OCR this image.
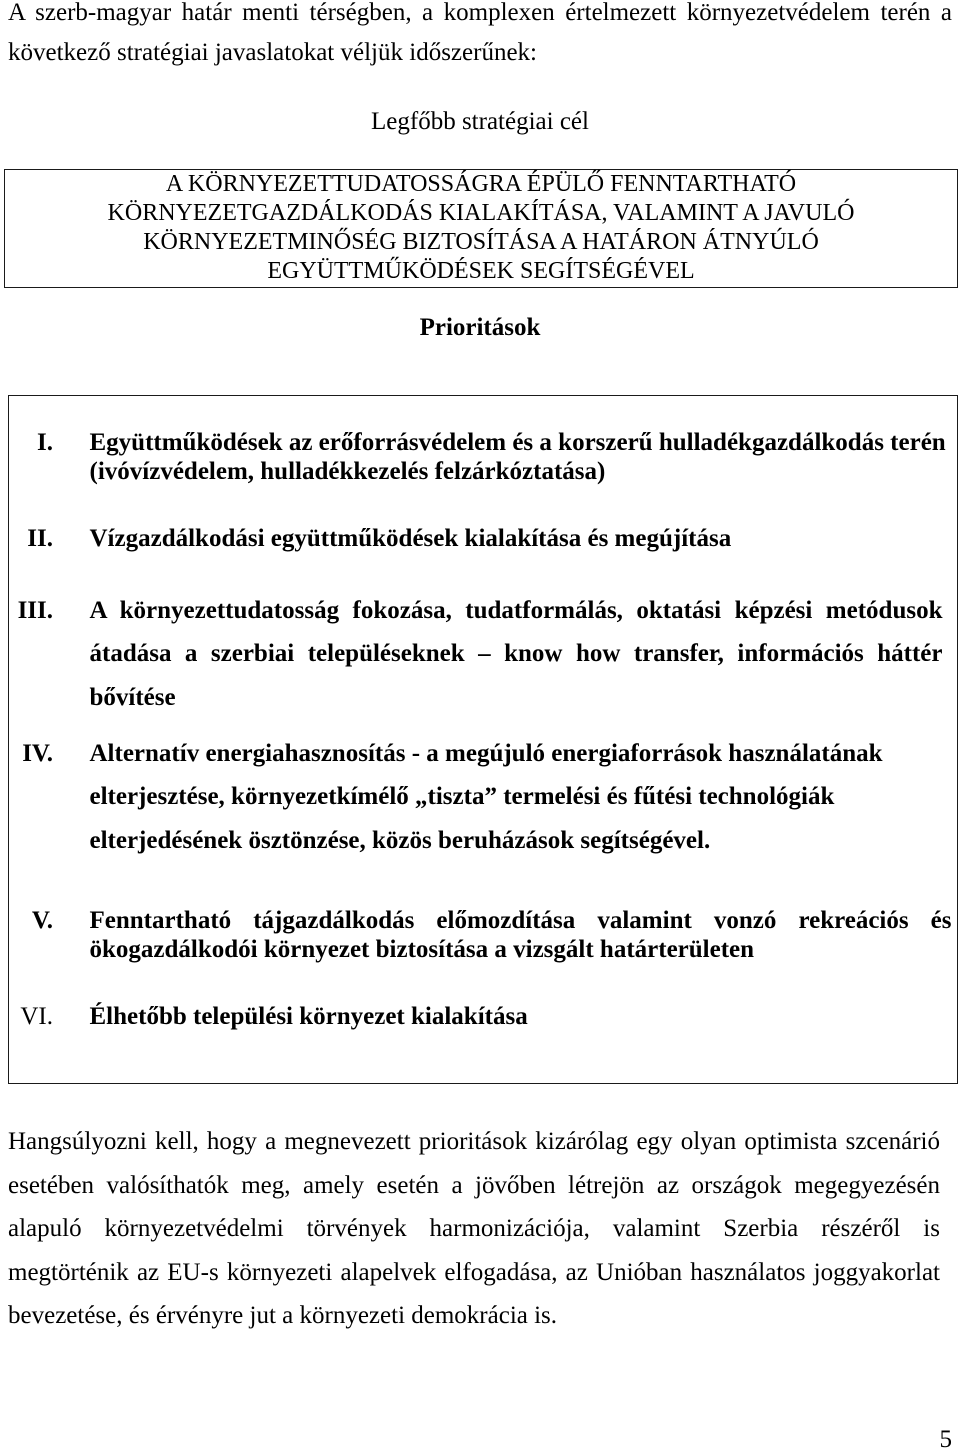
A szerb-magyar határ menti térségben, a komplexen értelmezett környezetvédelem terén a
következő stratégiai javaslatokat véljük időszerűnek:
Legfőbb stratégiai cél
A KÖRNYEZETTUDATOSSÁGRA ÉPÜLŐ FENNTARTHATÓ
KÖRNYEZETGAZDÁLKODÁS KIALAKÍTÁSA, VALAMINT A JAVULÓ
KÖRNYEZETMINŐSÉG BIZTOSÍTÁSA A HATÁRON ÁTNYÚLÓ
EGYÜTTMŰKÖDÉSEK SEGÍTSÉGÉVEL
Prioritások
I. Együttműködések az erőforrásvédelem és a korszerű hulladékgazdálkodás terén
(ivóvízvédelem, hulladékkezelés felzárkóztatása)
II. Vízgazdálkodási együttműködések kialakítása és megújítása
III. A környezettudatosság fokozása, tudatformálás, oktatási képzési metódusok
átadása a szerbiai településeknek – know how transfer, információs háttér
bővítése
IV. Alternatív energiahasznosítás - a megújuló energiaforrások használatának
elterjesztése, környezetkímélő „tiszta” termelési és fűtési technológiák
elterjedésének ösztönzése, közös beruházások segítségével.
V. Fenntartható tájgazdálkodás előmozdítása valamint vonzó rekreációs és
ökogazdálkodói környezet biztosítása a vizsgált határterületen
VI. Élhetőbb települési környezet kialakítása
Hangsúlyozni kell, hogy a megnevezett prioritások kizárólag egy olyan optimista szcenárió
esetében valósíthatók meg, amely esetén a jövőben létrejön az országok megegyezésén
alapuló környezetvédelmi törvények harmonizációja, valamint Szerbia részéről is
megtörténik az EU-s környezeti alapelvek elfogadása, az Unióban használatos joggyakorlat
bevezetése, és érvényre jut a környezeti demokrácia is.
5
